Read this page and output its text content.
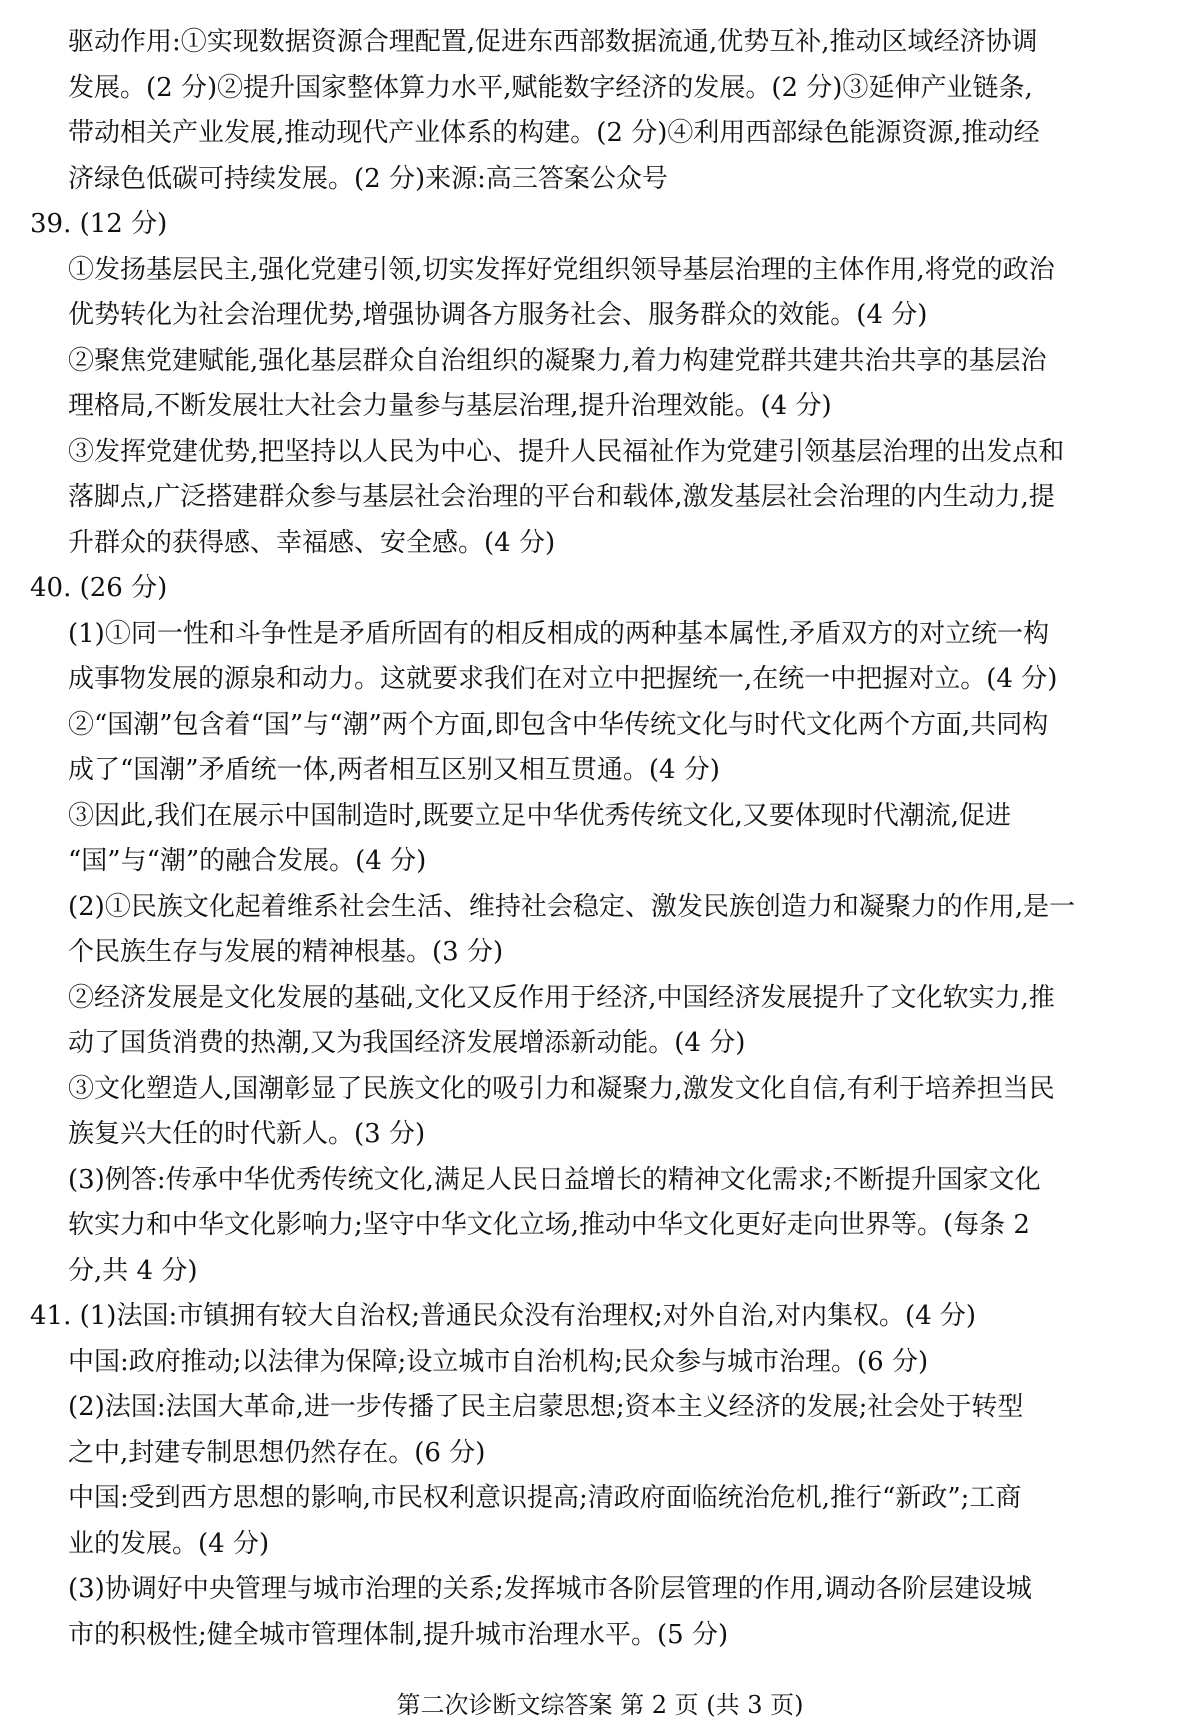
驱动作用:①实现数据资源合理配置,促进东西部数据流通,优势互补,推动区域经济协调
发展。(2 分)②提升国家整体算力水平,赋能数字经济的发展。(2 分)③延伸产业链条,
带动相关产业发展,推动现代产业体系的构建。(2 分)④利用西部绿色能源资源,推动经
济绿色低碳可持续发展。(2 分)来源:高三答案公众号
39. (12 分)
①发扬基层民主,强化党建引领,切实发挥好党组织领导基层治理的主体作用,将党的政治
优势转化为社会治理优势,增强协调各方服务社会、服务群众的效能。(4 分)
②聚焦党建赋能,强化基层群众自治组织的凝聚力,着力构建党群共建共治共享的基层治
理格局,不断发展壮大社会力量参与基层治理,提升治理效能。(4 分)
③发挥党建优势,把坚持以人民为中心、提升人民福祉作为党建引领基层治理的出发点和
落脚点,广泛搭建群众参与基层社会治理的平台和载体,激发基层社会治理的内生动力,提
升群众的获得感、幸福感、安全感。(4 分)
40. (26 分)
(1)①同一性和斗争性是矛盾所固有的相反相成的两种基本属性,矛盾双方的对立统一构
成事物发展的源泉和动力。这就要求我们在对立中把握统一,在统一中把握对立。(4 分)
②“国潮”包含着“国”与“潮”两个方面,即包含中华传统文化与时代文化两个方面,共同构
成了“国潮”矛盾统一体,两者相互区别又相互贯通。(4 分)
③因此,我们在展示中国制造时,既要立足中华优秀传统文化,又要体现时代潮流,促进
“国”与“潮”的融合发展。(4 分)
(2)①民族文化起着维系社会生活、维持社会稳定、激发民族创造力和凝聚力的作用,是一
个民族生存与发展的精神根基。(3 分)
②经济发展是文化发展的基础,文化又反作用于经济,中国经济发展提升了文化软实力,推
动了国货消费的热潮,又为我国经济发展增添新动能。(4 分)
③文化塑造人,国潮彰显了民族文化的吸引力和凝聚力,激发文化自信,有利于培养担当民
族复兴大任的时代新人。(3 分)
(3)例答:传承中华优秀传统文化,满足人民日益增长的精神文化需求;不断提升国家文化
软实力和中华文化影响力;坚守中华文化立场,推动中华文化更好走向世界等。(每条 2
分,共 4 分)
41. (1)法国:市镇拥有较大自治权;普通民众没有治理权;对外自治,对内集权。(4 分)
中国:政府推动;以法律为保障;设立城市自治机构;民众参与城市治理。(6 分)
(2)法国:法国大革命,进一步传播了民主启蒙思想;资本主义经济的发展;社会处于转型
之中,封建专制思想仍然存在。(6 分)
中国:受到西方思想的影响,市民权利意识提高;清政府面临统治危机,推行“新政”;工商
业的发展。(4 分)
(3)协调好中央管理与城市治理的关系;发挥城市各阶层管理的作用,调动各阶层建设城
市的积极性;健全城市管理体制,提升城市治理水平。(5 分)
第二次诊断文综答案 第 2 页 (共 3 页)
